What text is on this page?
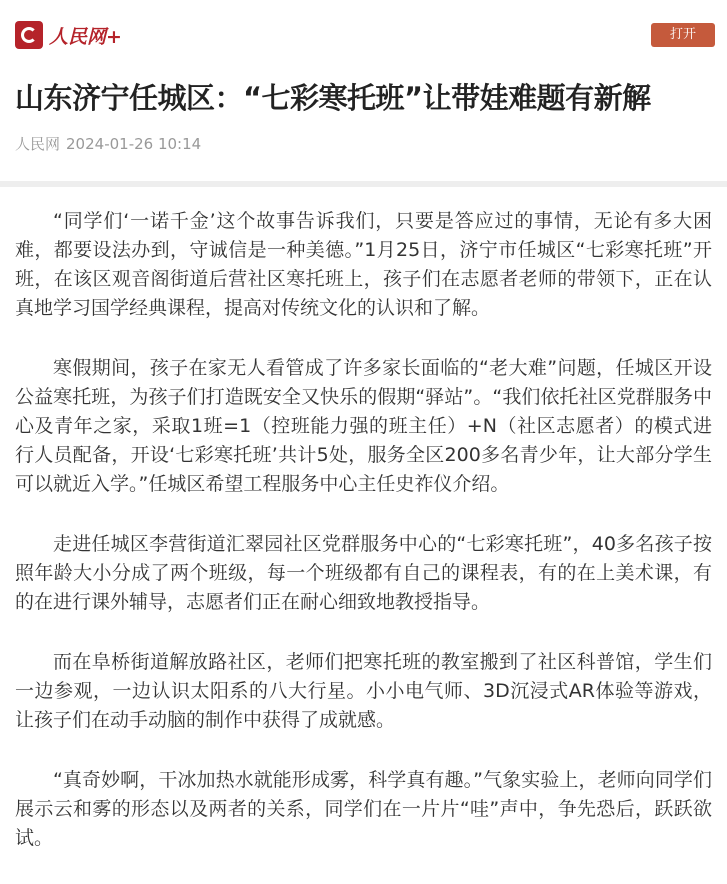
人民网+	打开
山东济宁任城区：“七彩寒托班”让带娃难题有新解
人民网 2024-01-26 10:14

“同学们‘一诺千金’这个故事告诉我们，只要是答应过的事情，无论有多大困难，都要设法办到，守诚信是一种美德。”1月25日，济宁市任城区“七彩寒托班”开班，在该区观音阁街道后营社区寒托班上，孩子们在志愿者老师的带领下，正在认真地学习国学经典课程，提高对传统文化的认识和了解。

寒假期间，孩子在家无人看管成了许多家长面临的“老大难”问题，任城区开设公益寒托班，为孩子们打造既安全又快乐的假期“驿站”。“我们依托社区党群服务中心及青年之家，采取1班=1（控班能力强的班主任）+N（社区志愿者）的模式进行人员配备，开设‘七彩寒托班’共计5处，服务全区200多名青少年，让大部分学生可以就近入学。”任城区希望工程服务中心主任史祚仪介绍。

走进任城区李营街道汇翠园社区党群服务中心的“七彩寒托班”，40多名孩子按照年龄大小分成了两个班级，每一个班级都有自己的课程表，有的在上美术课，有的在进行课外辅导，志愿者们正在耐心细致地教授指导。

而在阜桥街道解放路社区，老师们把寒托班的教室搬到了社区科普馆，学生们一边参观，一边认识太阳系的八大行星。小小电气师、3D沉浸式AR体验等游戏，让孩子们在动手动脑的制作中获得了成就感。

“真奇妙啊，干冰加热水就能形成雾，科学真有趣。”气象实验上，老师向同学们展示云和雾的形态以及两者的关系，同学们在一片片“哇”声中，争先恐后，跃跃欲试。
